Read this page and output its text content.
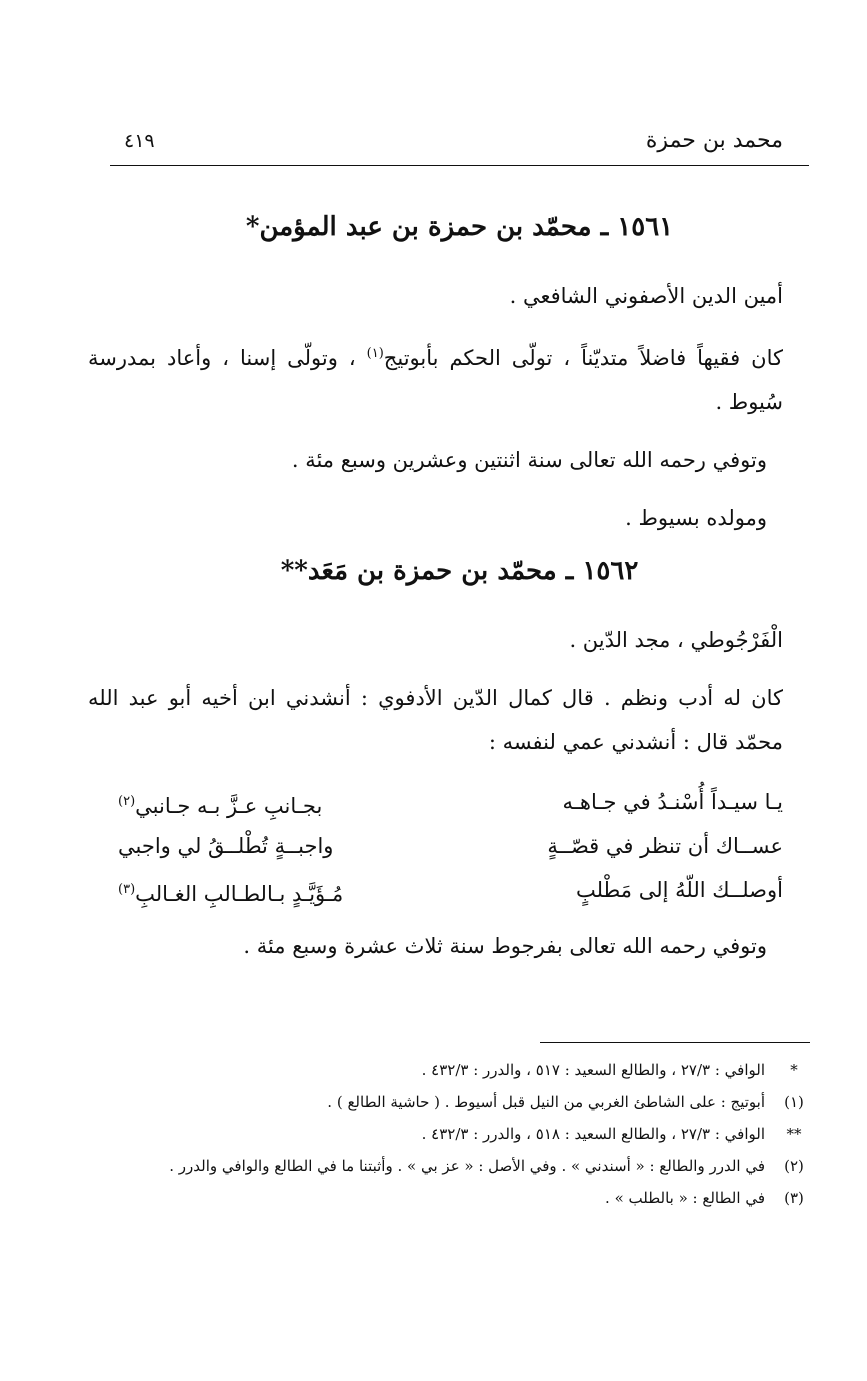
محمد بن حمزة
٤١٩
١٥٦١ ـ محمّد بن حمزة بن عبد المؤمن*
أمين الدين الأصفوني الشافعي .
كان فقيهاً فاضلاً متديّناً ، تولّى الحكم بأبوتيج$^{(١)}$ ، وتولّى إسنا ، وأعاد بمدرسة سُيوط .
وتوفي رحمه الله تعالى سنة اثنتين وعشرين وسبع مئة .
ومولده بسيوط .
١٥٦٢ ـ محمّد بن حمزة بن مَعَد**
الْفَرْجُوطي ، مجد الدّين .
كان له أدب ونظم . قال كمال الدّين الأدفوي : أنشدني ابن أخيه أبو عبد الله محمّد قال : أنشدني عمي لنفسه :
يـا سيـداً أُسْنـدُ في جـاهـه
بجـانبِ عـزَّ بـه جـانبي$^{(٢)}$
عســاك أن تنظر في قصّــةٍ
واجبــةٍ تُطْلــقُ لي واجبي
أوصلــك اللّهُ إلى مَطْلبٍ
مُـؤَيَّـدٍ بـالطـالبِ الغـالبِ$^{(٣)}$
وتوفي رحمه الله تعالى بفرجوط سنة ثلاث عشرة وسبع مئة .
*
الوافي : ٢٧/٣ ، والطالع السعيد : ٥١٧ ، والدرر : ٤٣٢/٣ .
(١)
أبوتيج : على الشاطئ الغربي من النيل قبل أسيوط . ( حاشية الطالع ) .
**
الوافي : ٢٧/٣ ، والطالع السعيد : ٥١٨ ، والدرر : ٤٣٢/٣ .
(٢)
في الدرر والطالع : « أسندني » . وفي الأصل : « عز بي » . وأثبتنا ما في الطالع والوافي والدرر .
(٣)
في الطالع : « بالطلب » .
